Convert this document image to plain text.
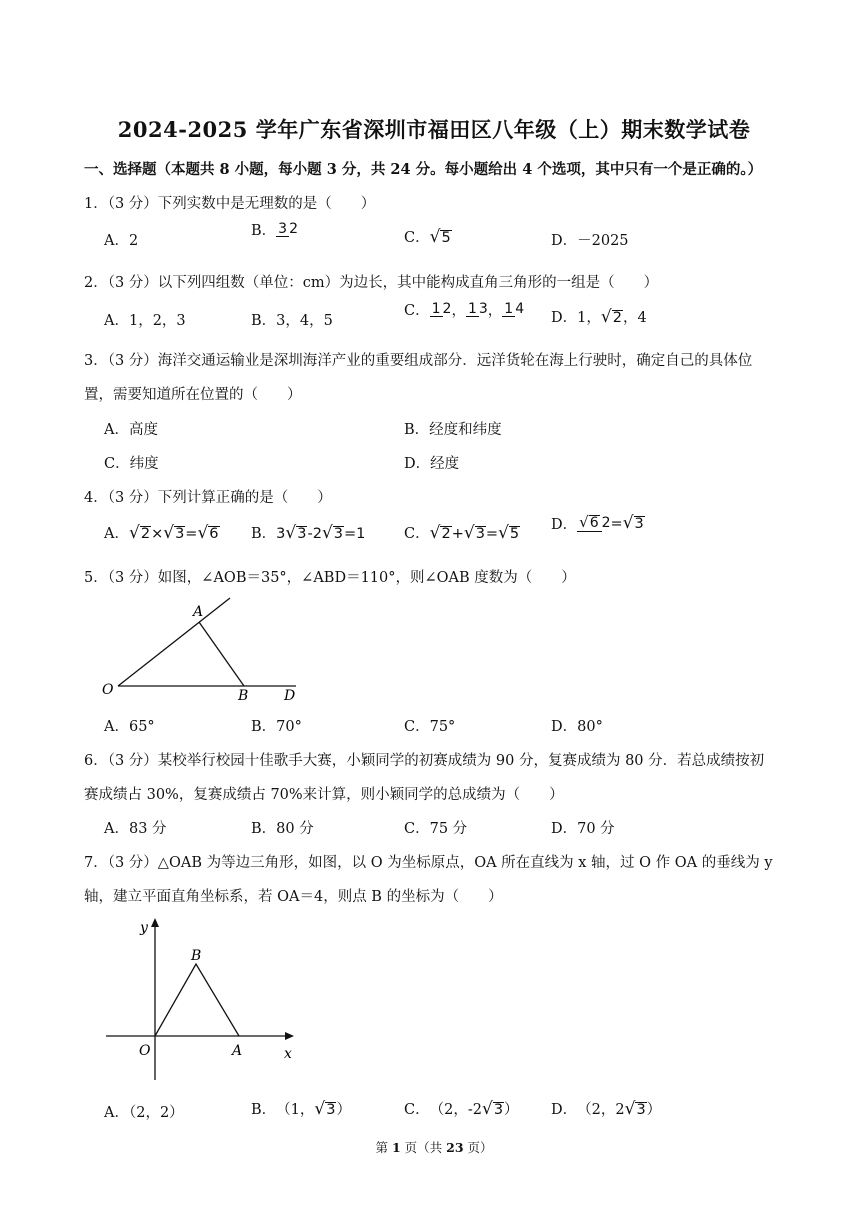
2024-2025 学年广东省深圳市福田区八年级（上）期末数学试卷
一、选择题（本题共 8 小题，每小题 3 分，共 24 分。每小题给出 4 个选项，其中只有一个是正确的。）
1．（3 分）下列实数中是无理数的是（　　）
A．2
B． 3 2
C．√5	D．－2025
2．（3 分）以下列四组数（单位：cm）为边长，其中能构成直角三角形的一组是（　　）
A．1，2，3	B．3，4，5
C． 1 2， 1 3， 1 4
D．1，√2，4
3．（3 分）海洋交通运输业是深圳海洋产业的重要组成部分．远洋货轮在海上行驶时，确定自己的具体位
置，需要知道所在位置的（　　）
A．高度	B．经度和纬度
C．纬度	D．经度
4．（3 分）下列计算正确的是（　　）
A．√2×√3=√6 B．3√3-2√3=1	C．√2+√3=√5
D． √6 2=√3
5．（3 分）如图，∠AOB＝35°，∠ABD＝110°，则∠OAB 度数为（　　）
A
O	B	D
A．65°	B．70°	C．75°	D．80°
6．（3 分）某校举行校园十佳歌手大赛，小颖同学的初赛成绩为 90 分，复赛成绩为 80 分．若总成绩按初
赛成绩占 30%，复赛成绩占 70%来计算，则小颖同学的总成绩为（　　）
A．83 分	B．80 分	C．75 分	D．70 分
7．（3 分）△OAB 为等边三角形，如图，以 O 为坐标原点，OA 所在直线为 x 轴，过 O 作 OA 的垂线为 y
轴，建立平面直角坐标系，若 OA＝4，则点 B 的坐标为（　　）
y
B
O	A	x
A．（2，2）	B．（1，√3）	C．（2，-2√3） D．（2，2√3）
第 1 页（共 23 页）
